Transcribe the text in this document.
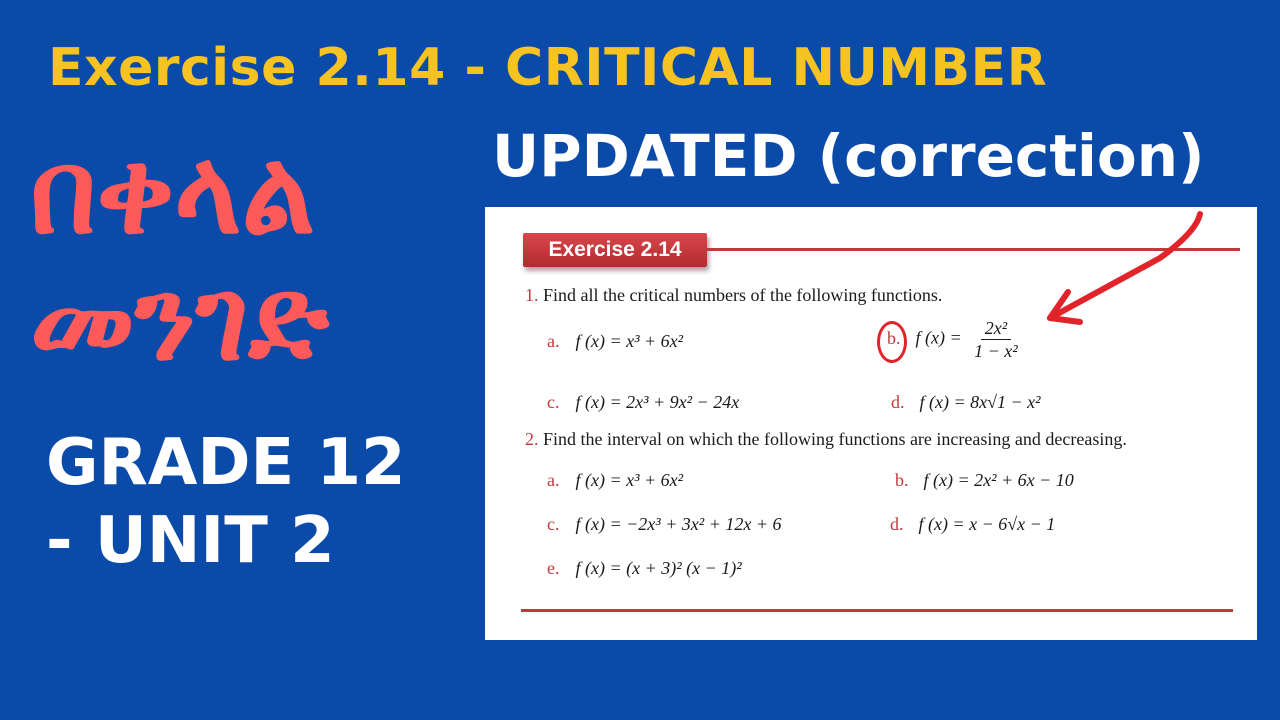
Exercise 2.14 - CRITICAL NUMBER
UPDATED (correction)
በቀላል
መንገድ
GRADE 12
- UNIT 2
Exercise 2.14
1. Find all the critical numbers of the following functions.
a. f (x) = x³ + 6x²	b. f $(x) = \frac{\text{2x²}}{\text{1 − x²}}$
c. f (x) = 2x³ + 9x² − 24x	d. f (x) = 8x√1 − x²
2. Find the interval on which the following functions are increasing and decreasing.
a. f (x) = x³ + 6x²	b. f (x) = 2x² + 6x − 10
c. f (x) = −2x³ + 3x² + 12x + 6	d. f (x) = x − 6√x − 1
e. f (x) = (x + 3)² (x − 1)²
